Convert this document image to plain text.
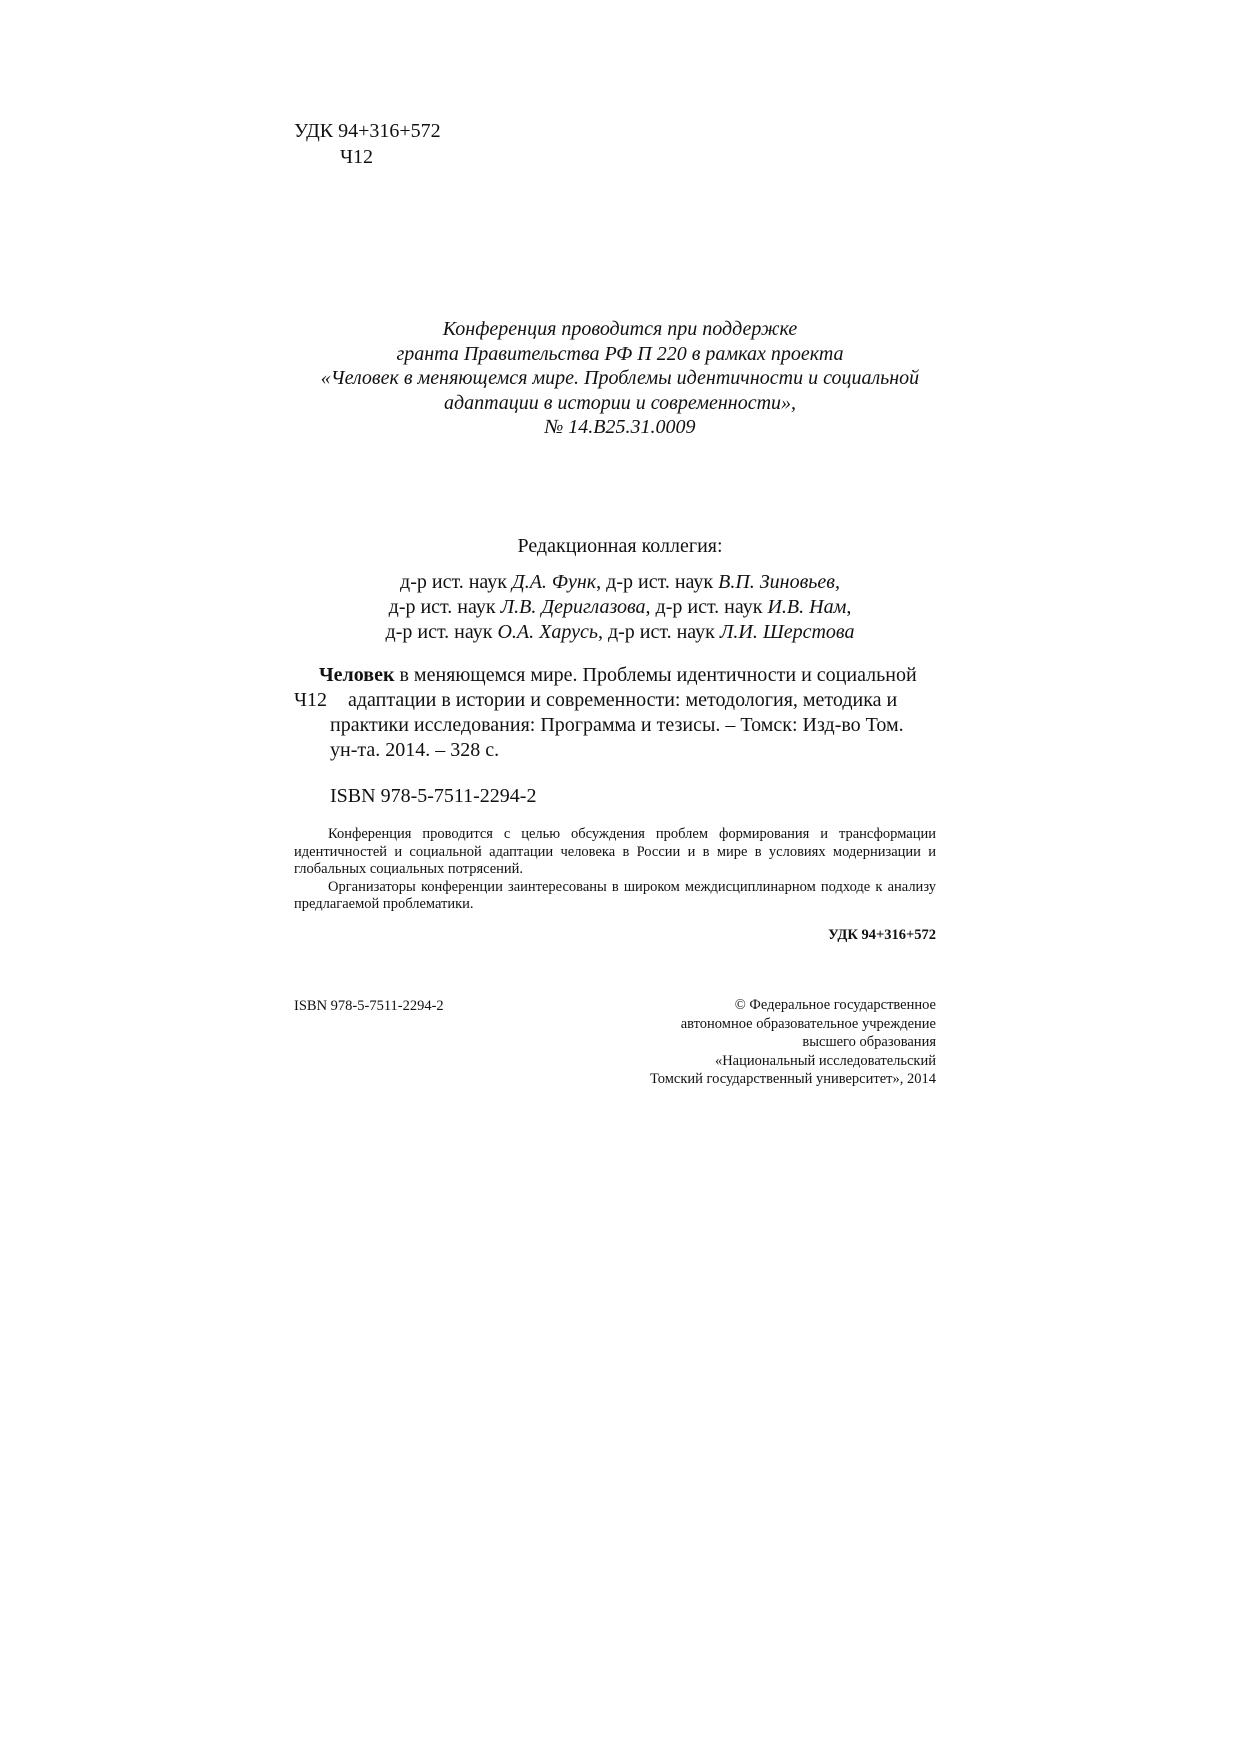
УДК 94+316+572
Ч12
Конференция проводится при поддержке
гранта Правительства РФ П 220 в рамках проекта
«Человек в меняющемся мире. Проблемы идентичности и социальной
адаптации в истории и современности»,
№ 14.B25.31.0009
Редакционная коллегия:
д-р ист. наук Д.А. Функ, д-р ист. наук В.П. Зиновьев,
д-р ист. наук Л.В. Дериглазова, д-р ист. наук И.В. Нам,
д-р ист. наук О.А. Харусь, д-р ист. наук Л.И. Шерстова
Человек в меняющемся мире. Проблемы идентичности и социальной
Ч12 адаптации в истории и современности: методология, методика и
практики исследования: Программа и тезисы. – Томск: Изд-во Том.
ун-та. 2014. – 328 с.
ISBN 978-5-7511-2294-2

Конференция проводится с целью обсуждения проблем формирования и трансформации идентичностей и социальной адаптации человека в России и в мире в условиях модернизации и глобальных социальных потрясений.

Организаторы конференции заинтересованы в широком междисциплинарном подходе к анализу предлагаемой проблематики.

УДК 94+316+572
ISBN 978-5-7511-2294-2	© Федеральное государственное
автономное образовательное учреждение
высшего образования
«Национальный исследовательский
Томский государственный университет», 2014
